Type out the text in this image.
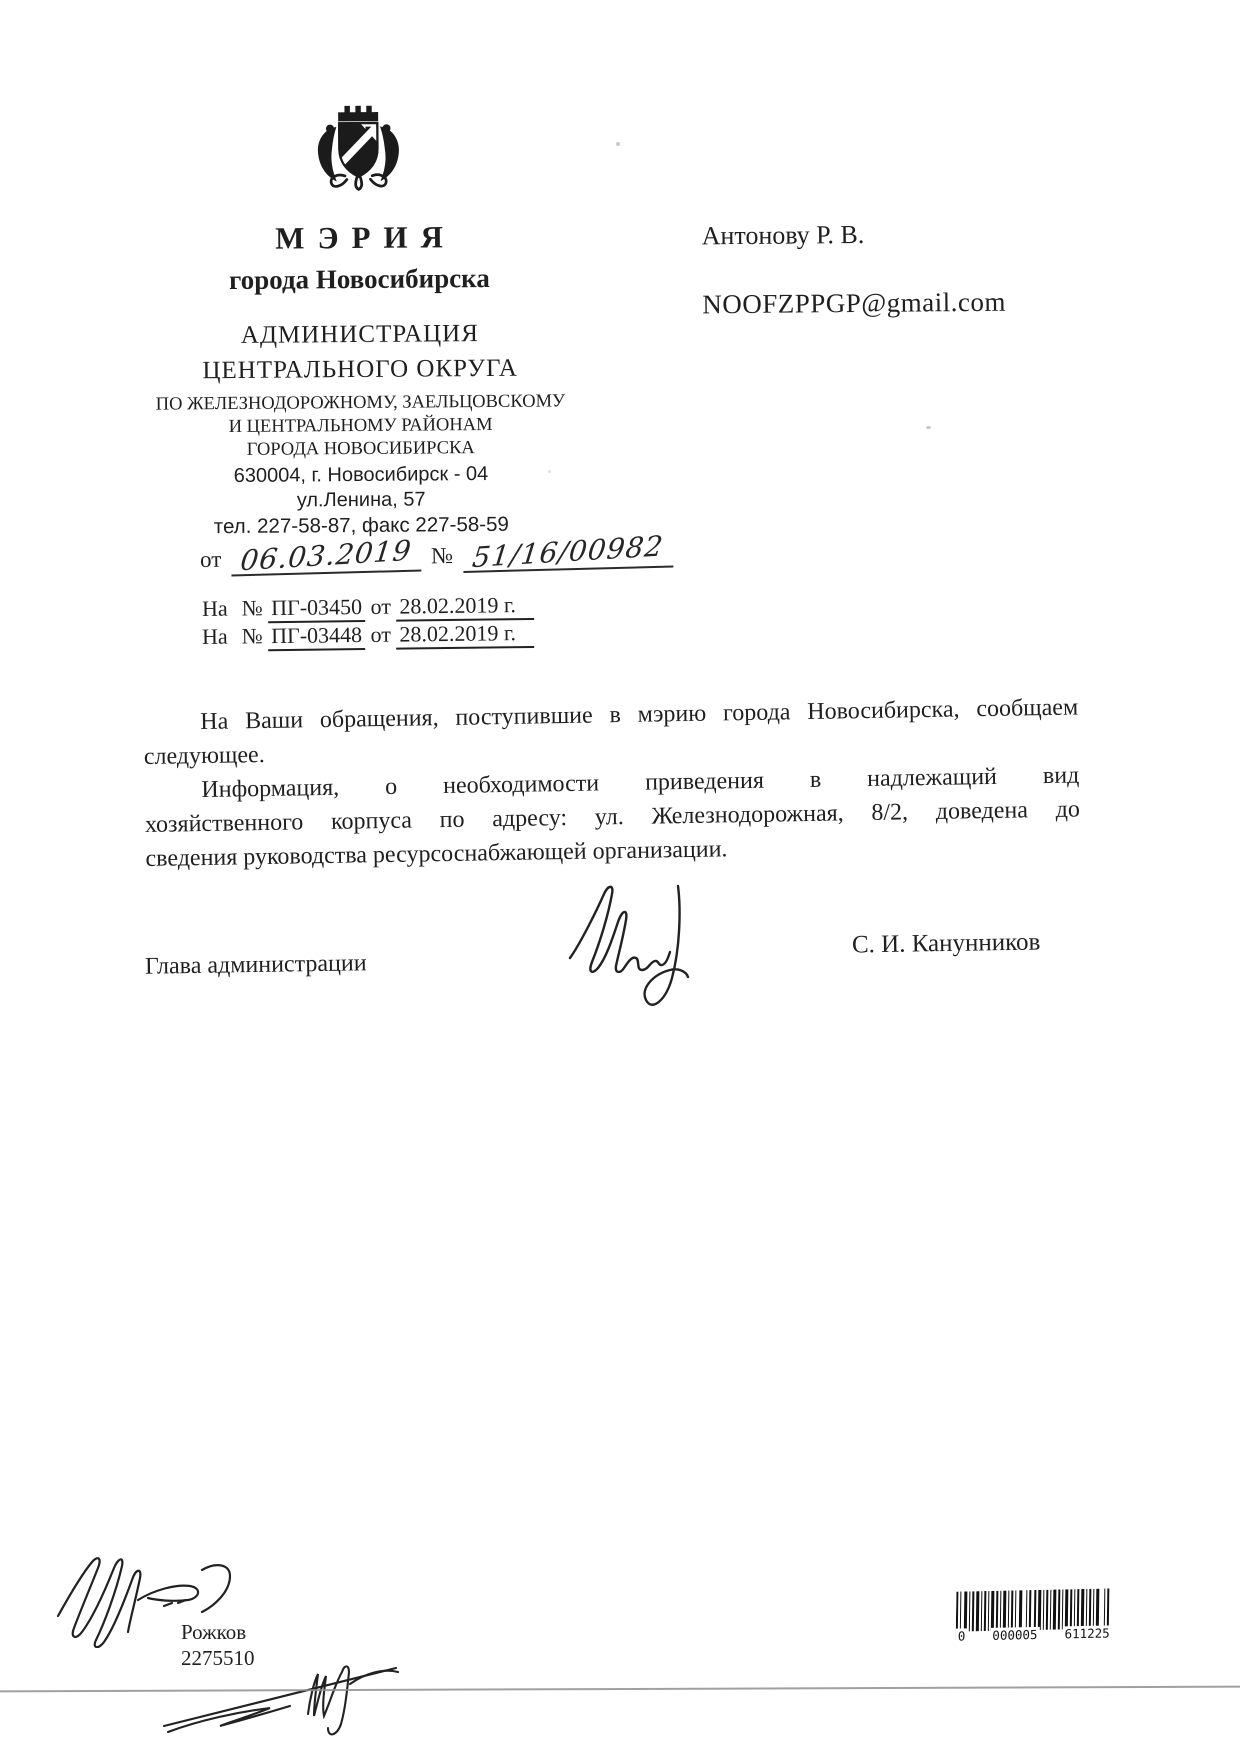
МЭРИЯ
города Новосибирска
АДМИНИСТРАЦИЯ
ЦЕНТРАЛЬНОГО ОКРУГА
ПО ЖЕЛЕЗНОДОРОЖНОМУ, ЗАЕЛЬЦОВСКОМУ
И ЦЕНТРАЛЬНОМУ РАЙОНАМ
ГОРОДА НОВОСИБИРСКА
630004, г. Новосибирск - 04
ул.Ленина, 57
тел. 227-58-87, факс 227-58-59
Антонову Р. В.
NOOFZPPGP@gmail.com
от 06.03.2019 № 51/16/00982
На № ПГ-03450 от 28.02.2019 г.
На № ПГ-03448 от 28.02.2019 г.
На Ваши обращения, поступившие в мэрию города Новосибирска, сообщаем
следующее.
Информация, о необходимости приведения в надлежащий вид
хозяйственного корпуса по адресу: ул. Железнодорожная, 8/2, доведена до
сведения руководства ресурсоснабжающей организации.
Глава администрации
С. И. Канунников
Рожков
2275510
0 000005 611225
